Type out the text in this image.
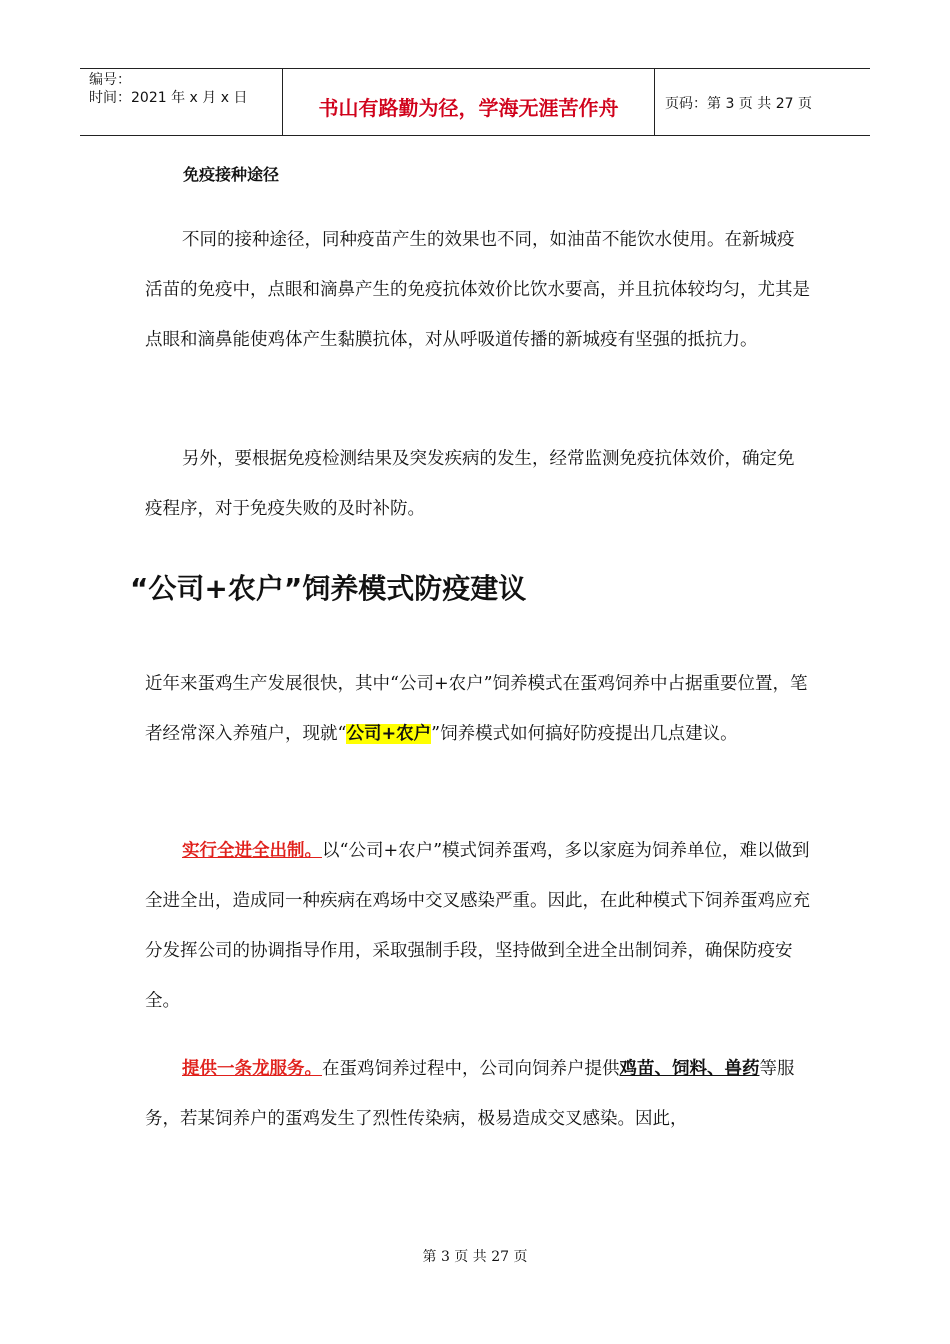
编号：
时间：2021 年 x 月 x 日	书山有路勤为径，学海无涯苦作舟	页码：第 3 页 共 27 页
免疫接种途径

不同的接种途径，同种疫苗产生的效果也不同，如油苗不能饮水使用。在新城疫活苗的免疫中，点眼和滴鼻产生的免疫抗体效价比饮水要高，并且抗体较均匀，尤其是点眼和滴鼻能使鸡体产生黏膜抗体，对从呼吸道传播的新城疫有坚强的抵抗力。

另外，要根据免疫检测结果及突发疾病的发生，经常监测免疫抗体效价，确定免疫程序，对于免疫失败的及时补防。

“公司+农户”饲养模式防疫建议

近年来蛋鸡生产发展很快，其中“公司+农户”饲养模式在蛋鸡饲养中占据重要位置，笔者经常深入养殖户，现就“公司+农户”饲养模式如何搞好防疫提出几点建议。

实行全进全出制。以“公司+农户”模式饲养蛋鸡，多以家庭为饲养单位，难以做到全进全出，造成同一种疾病在鸡场中交叉感染严重。因此，在此种模式下饲养蛋鸡应充分发挥公司的协调指导作用，采取强制手段，坚持做到全进全出制饲养，确保防疫安全。

提供一条龙服务。在蛋鸡饲养过程中，公司向饲养户提供鸡苗、饲料、兽药等服务，若某饲养户的蛋鸡发生了烈性传染病，极易造成交叉感染。因此，

第 3 页 共 27 页
